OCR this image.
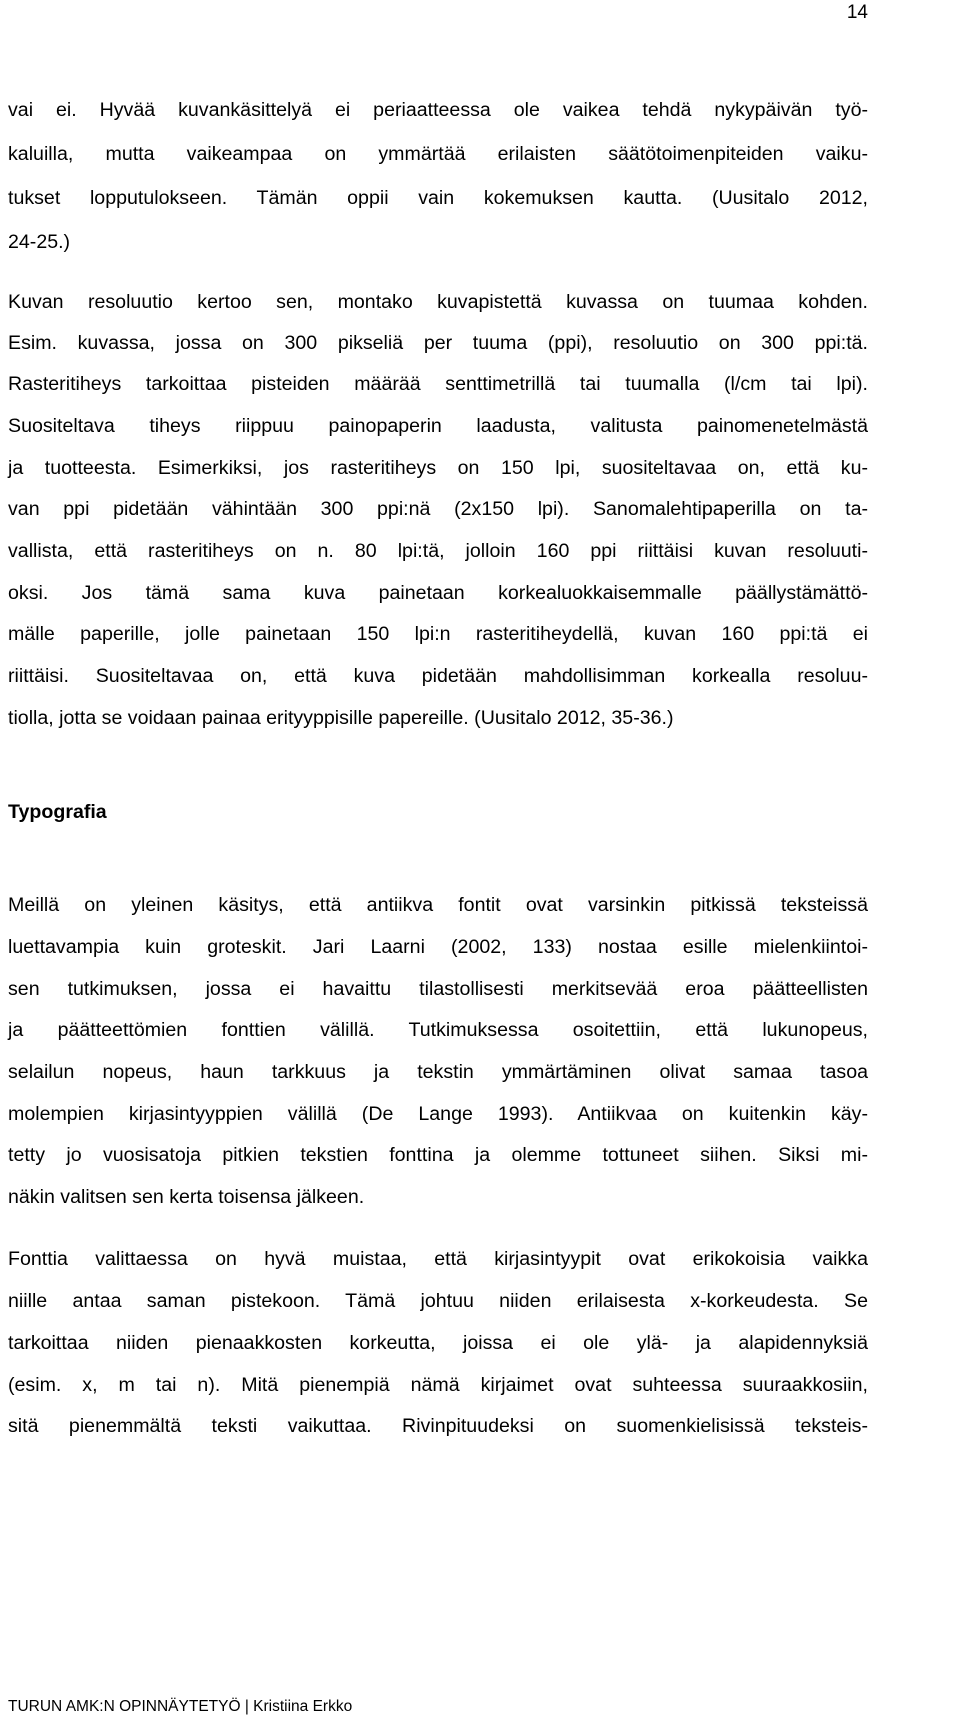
14
vai ei. Hyvää kuvankäsittelyä ei periaatteessa ole vaikea tehdä nykypäivän työ-
kaluilla, mutta vaikeampaa on ymmärtää erilaisten säätötoimenpiteiden vaiku-
tukset lopputulokseen. Tämän oppii vain kokemuksen kautta. (Uusitalo 2012,
24-25.)
Kuvan resoluutio kertoo sen, montako kuvapistettä kuvassa on tuumaa kohden.
Esim. kuvassa, jossa on 300 pikseliä per tuuma (ppi), resoluutio on 300 ppi:tä.
Rasteritiheys tarkoittaa pisteiden määrää senttimetrillä tai tuumalla (l/cm tai lpi).
Suositeltava tiheys riippuu painopaperin laadusta, valitusta painomenetelmästä
ja tuotteesta. Esimerkiksi, jos rasteritiheys on 150 lpi, suositeltavaa on, että ku-
van ppi pidetään vähintään 300 ppi:nä (2x150 lpi). Sanomalehtipaperilla on ta-
vallista, että rasteritiheys on n. 80 lpi:tä, jolloin 160 ppi riittäisi kuvan resoluuti-
oksi. Jos tämä sama kuva painetaan korkealuokkaisemmalle päällystämättö-
mälle paperille, jolle painetaan 150 lpi:n rasteritiheydellä, kuvan 160 ppi:tä ei
riittäisi. Suositeltavaa on, että kuva pidetään mahdollisimman korkealla resoluu-
tiolla, jotta se voidaan painaa erityyppisille papereille. (Uusitalo 2012, 35-36.)
Typografia
Meillä on yleinen käsitys, että antiikva fontit ovat varsinkin pitkissä teksteissä
luettavampia kuin groteskit. Jari Laarni (2002, 133) nostaa esille mielenkiintoi-
sen tutkimuksen, jossa ei havaittu tilastollisesti merkitsevää eroa päätteellisten
ja päätteettömien fonttien välillä. Tutkimuksessa osoitettiin, että lukunopeus,
selailun nopeus, haun tarkkuus ja tekstin ymmärtäminen olivat samaa tasoa
molempien kirjasintyyppien välillä (De Lange 1993). Antiikvaa on kuitenkin käy-
tetty jo vuosisatoja pitkien tekstien fonttina ja olemme tottuneet siihen. Siksi mi-
näkin valitsen sen kerta toisensa jälkeen.
Fonttia valittaessa on hyvä muistaa, että kirjasintyypit ovat erikokoisia vaikka
niille antaa saman pistekoon. Tämä johtuu niiden erilaisesta x-korkeudesta. Se
tarkoittaa niiden pienaakkosten korkeutta, joissa ei ole ylä- ja alapidennyksiä
(esim. x, m tai n). Mitä pienempiä nämä kirjaimet ovat suhteessa suuraakkosiin,
sitä pienemmältä teksti vaikuttaa. Rivinpituudeksi on suomenkielisissä teksteis-
TURUN AMK:N OPINNÄYTETYÖ | Kristiina Erkko
